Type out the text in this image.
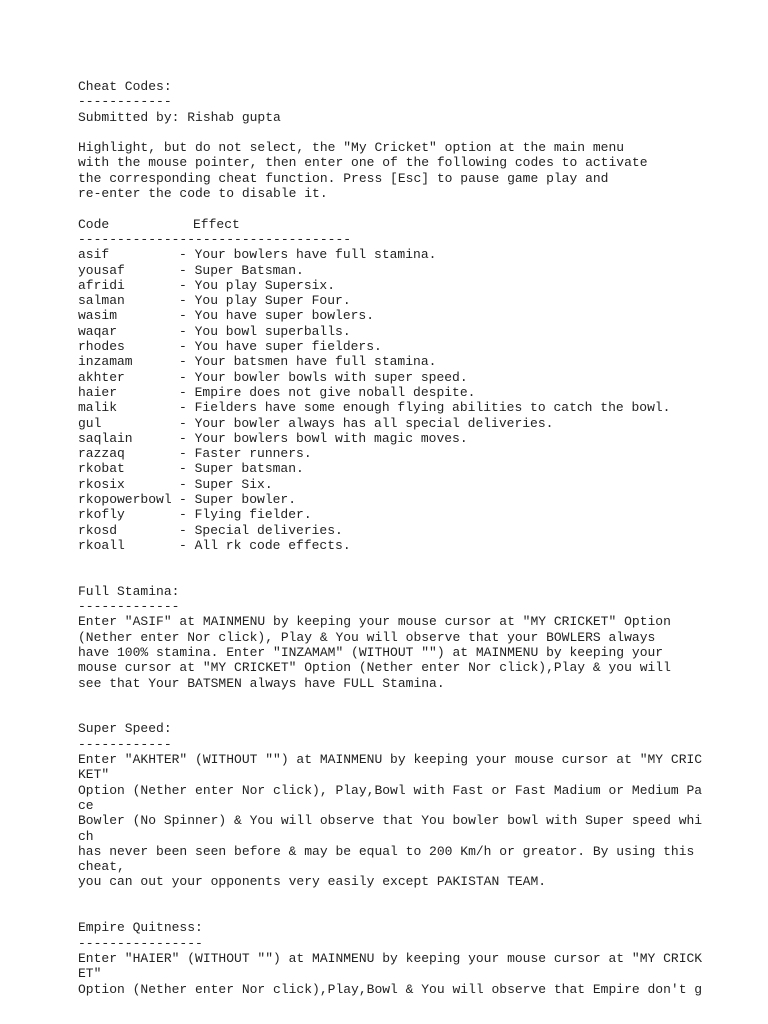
Cheat Codes:
------------
Submitted by: Rishab gupta
Highlight, but do not select, the "My Cricket" option at the main menu
with the mouse pointer, then enter one of the following codes to activate
the corresponding cheat function. Press [Esc] to pause game play and
re-enter the code to disable it.
Code	Effect
-----------------------------------
asif	- Your bowlers have full stamina.
yousaf	- Super Batsman.
afridi	- You play Supersix.
salman	- You play Super Four.
wasim	- You have super bowlers.
waqar	- You bowl superballs.
rhodes	- You have super fielders.
inzamam	- Your batsmen have full stamina.
akhter	- Your bowler bowls with super speed.
haier	- Empire does not give noball despite.
malik	- Fielders have some enough flying abilities to catch the bowl.
gul	- Your bowler always has all special deliveries.
saqlain	- Your bowlers bowl with magic moves.
razzaq	- Faster runners.
rkobat	- Super batsman.
rkosix	- Super Six.
rkopowerbowl - Super bowler.
rkofly	- Flying fielder.
rkosd	- Special deliveries.
rkoall	- All rk code effects.
Full Stamina:
-------------
Enter "ASIF" at MAINMENU by keeping your mouse cursor at "MY CRICKET" Option
(Nether enter Nor click), Play & You will observe that your BOWLERS always
have 100% stamina. Enter "INZAMAM" (WITHOUT "") at MAINMENU by keeping your
mouse cursor at "MY CRICKET" Option (Nether enter Nor click),Play & you will
see that Your BATSMEN always have FULL Stamina.
Super Speed:
------------
Enter "AKHTER" (WITHOUT "") at MAINMENU by keeping your mouse cursor at "MY CRIC
KET"
Option (Nether enter Nor click), Play,Bowl with Fast or Fast Madium or Medium Pa
ce
Bowler (No Spinner) & You will observe that You bowler bowl with Super speed whi
ch
has never been seen before & may be equal to 200 Km/h or greator. By using this
cheat,
you can out your opponents very easily except PAKISTAN TEAM.
Empire Quitness:
----------------
Enter "HAIER" (WITHOUT "") at MAINMENU by keeping your mouse cursor at "MY CRICK
ET"
Option (Nether enter Nor click),Play,Bowl & You will observe that Empire don't g
